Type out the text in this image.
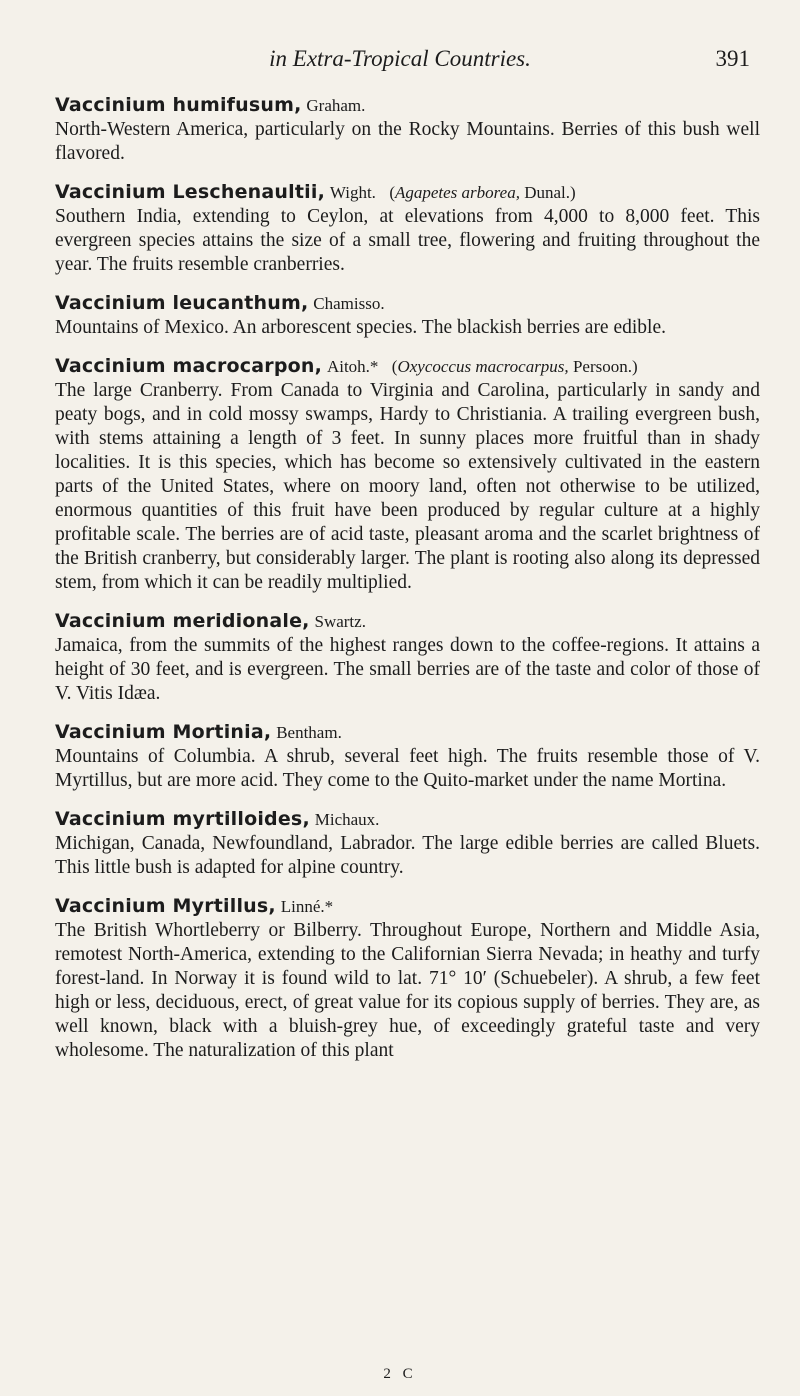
in Extra-Tropical Countries.	391

Vaccinium humifusum, Graham.

North-Western America, particularly on the Rocky Mountains. Berries of this bush well flavored.

Vaccinium Leschenaultii, Wight. (Agapetes arborea, Dunal.)

Southern India, extending to Ceylon, at elevations from 4,000 to 8,000 feet. This evergreen species attains the size of a small tree, flowering and fruiting throughout the year. The fruits resemble cranberries.

Vaccinium leucanthum, Chamisso.

Mountains of Mexico. An arborescent species. The blackish berries are edible.

Vaccinium macrocarpon, Aitoh.* (Oxycoccus macrocarpus, Persoon.)

The large Cranberry. From Canada to Virginia and Carolina, particularly in sandy and peaty bogs, and in cold mossy swamps, Hardy to Christiania. A trailing evergreen bush, with stems attaining a length of 3 feet. In sunny places more fruitful than in shady localities. It is this species, which has become so extensively cultivated in the eastern parts of the United States, where on moory land, often not otherwise to be utilized, enormous quantities of this fruit have been produced by regular culture at a highly profitable scale. The berries are of acid taste, pleasant aroma and the scarlet brightness of the British cranberry, but considerably larger. The plant is rooting also along its depressed stem, from which it can be readily multiplied.

Vaccinium meridionale, Swartz.

Jamaica, from the summits of the highest ranges down to the coffee-regions. It attains a height of 30 feet, and is evergreen. The small berries are of the taste and color of those of V. Vitis Idæa.

Vaccinium Mortinia, Bentham.

Mountains of Columbia. A shrub, several feet high. The fruits resemble those of V. Myrtillus, but are more acid. They come to the Quito-market under the name Mortina.

Vaccinium myrtilloides, Michaux.

Michigan, Canada, Newfoundland, Labrador. The large edible berries are called Bluets. This little bush is adapted for alpine country.

Vaccinium Myrtillus, Linné.*

The British Whortleberry or Bilberry. Throughout Europe, Northern and Middle Asia, remotest North-America, extending to the Californian Sierra Nevada; in heathy and turfy forest-land. In Norway it is found wild to lat. 71° 10′ (Schuebeler). A shrub, a few feet high or less, deciduous, erect, of great value for its copious supply of berries. They are, as well known, black with a bluish-grey hue, of exceedingly grateful taste and very wholesome. The naturalization of this plant

2 C
